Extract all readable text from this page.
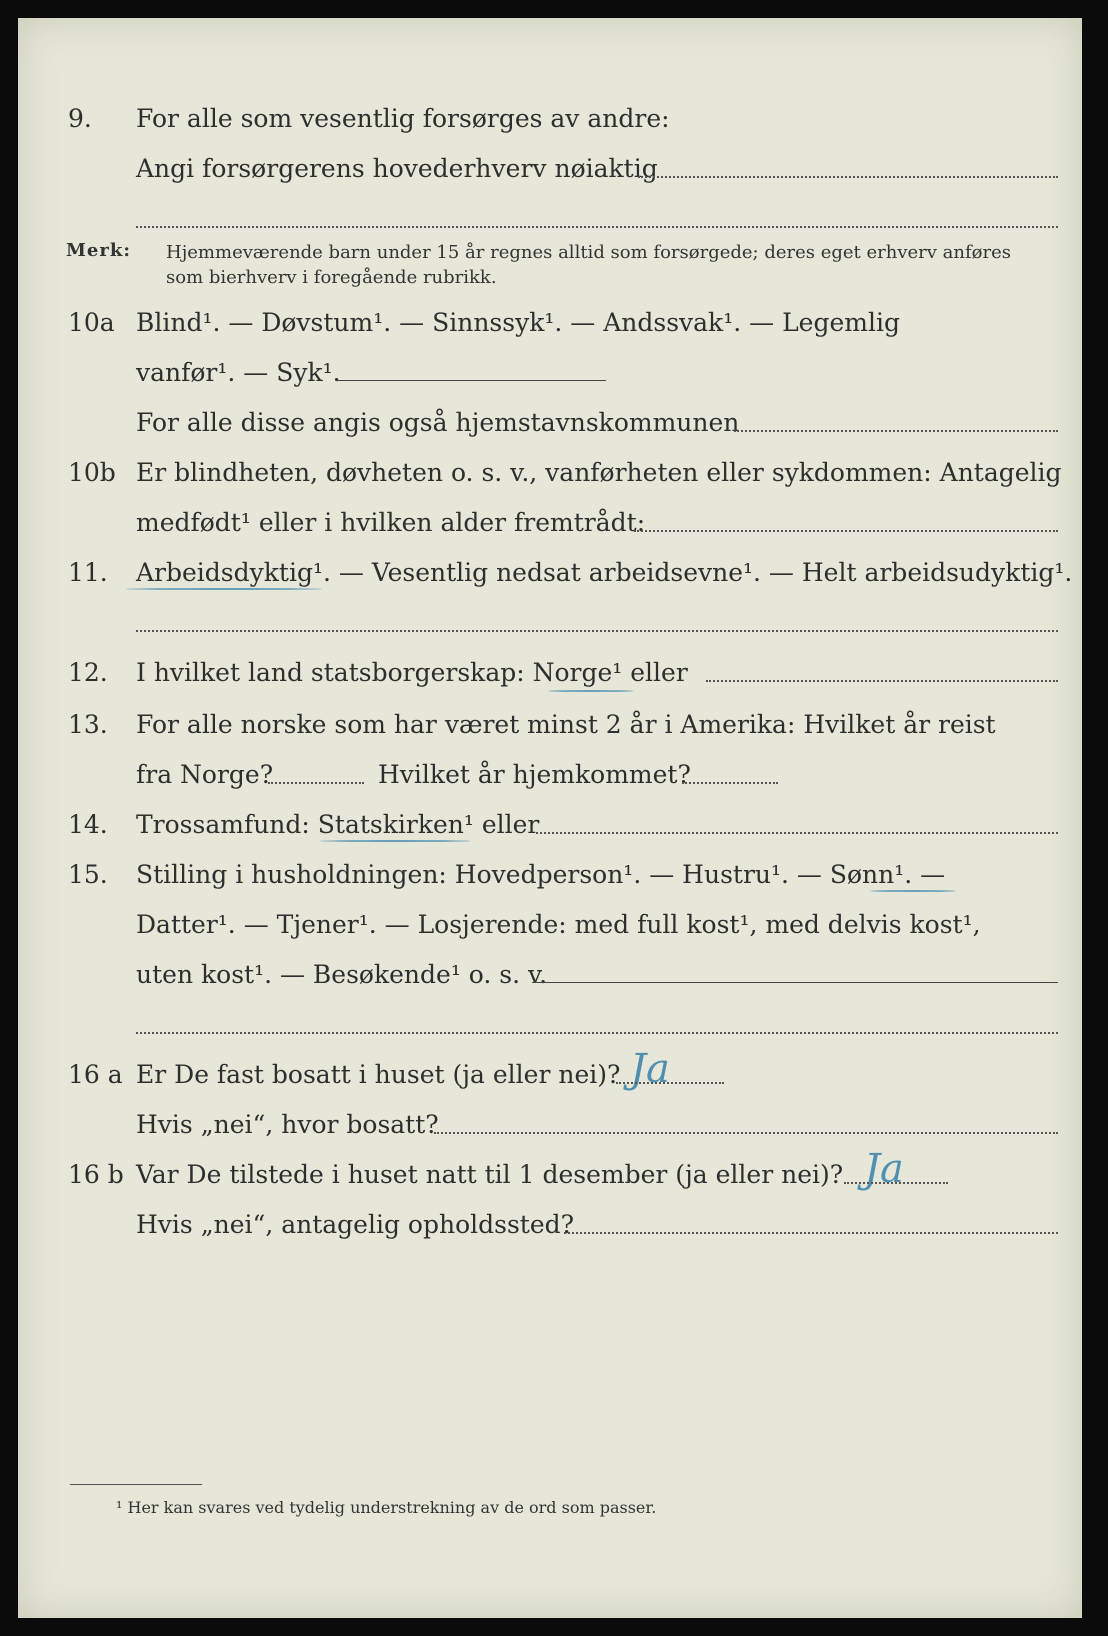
9. For alle som vesentlig forsørges av andre:
Angi forsørgerens hovederhverv nøiaktig
Merk: Hjemmeværende barn under 15 år regnes alltid som forsørgede; deres eget erhverv anføres som bierhverv i foregående rubrikk.
10a Blind¹. — Døvstum¹. — Sinnssyk¹. — Andssvak¹. — Legemlig
vanfør¹. — Syk¹.
For alle disse angis også hjemstavnskommunen
10b Er blindheten, døvheten o. s. v., vanførheten eller sykdommen: Antagelig
medfødt¹ eller i hvilken alder fremtrådt:
11. Arbeidsdyktig¹. — Vesentlig nedsat arbeidsevne¹. — Helt arbeidsudyktig¹.
12. I hvilket land statsborgerskap: Norge¹ eller
13. For alle norske som har været minst 2 år i Amerika: Hvilket år reist
fra Norge?	Hvilket år hjemkommet?
14. Trossamfund: Statskirken¹ eller
15. Stilling i husholdningen: Hovedperson¹. — Hustru¹. — Sønn¹. —
Datter¹. — Tjener¹. — Losjerende: med full kost¹, med delvis kost¹,
uten kost¹. — Besøkende¹ o. s. v.
16 a Er De fast bosatt i huset (ja eller nei)? Ja
Hvis „nei“, hvor bosatt?
16 b Var De tilstede i huset natt til 1 desember (ja eller nei)? Ja
Hvis „nei“, antagelig opholdssted?
¹ Her kan svares ved tydelig understrekning av de ord som passer.
